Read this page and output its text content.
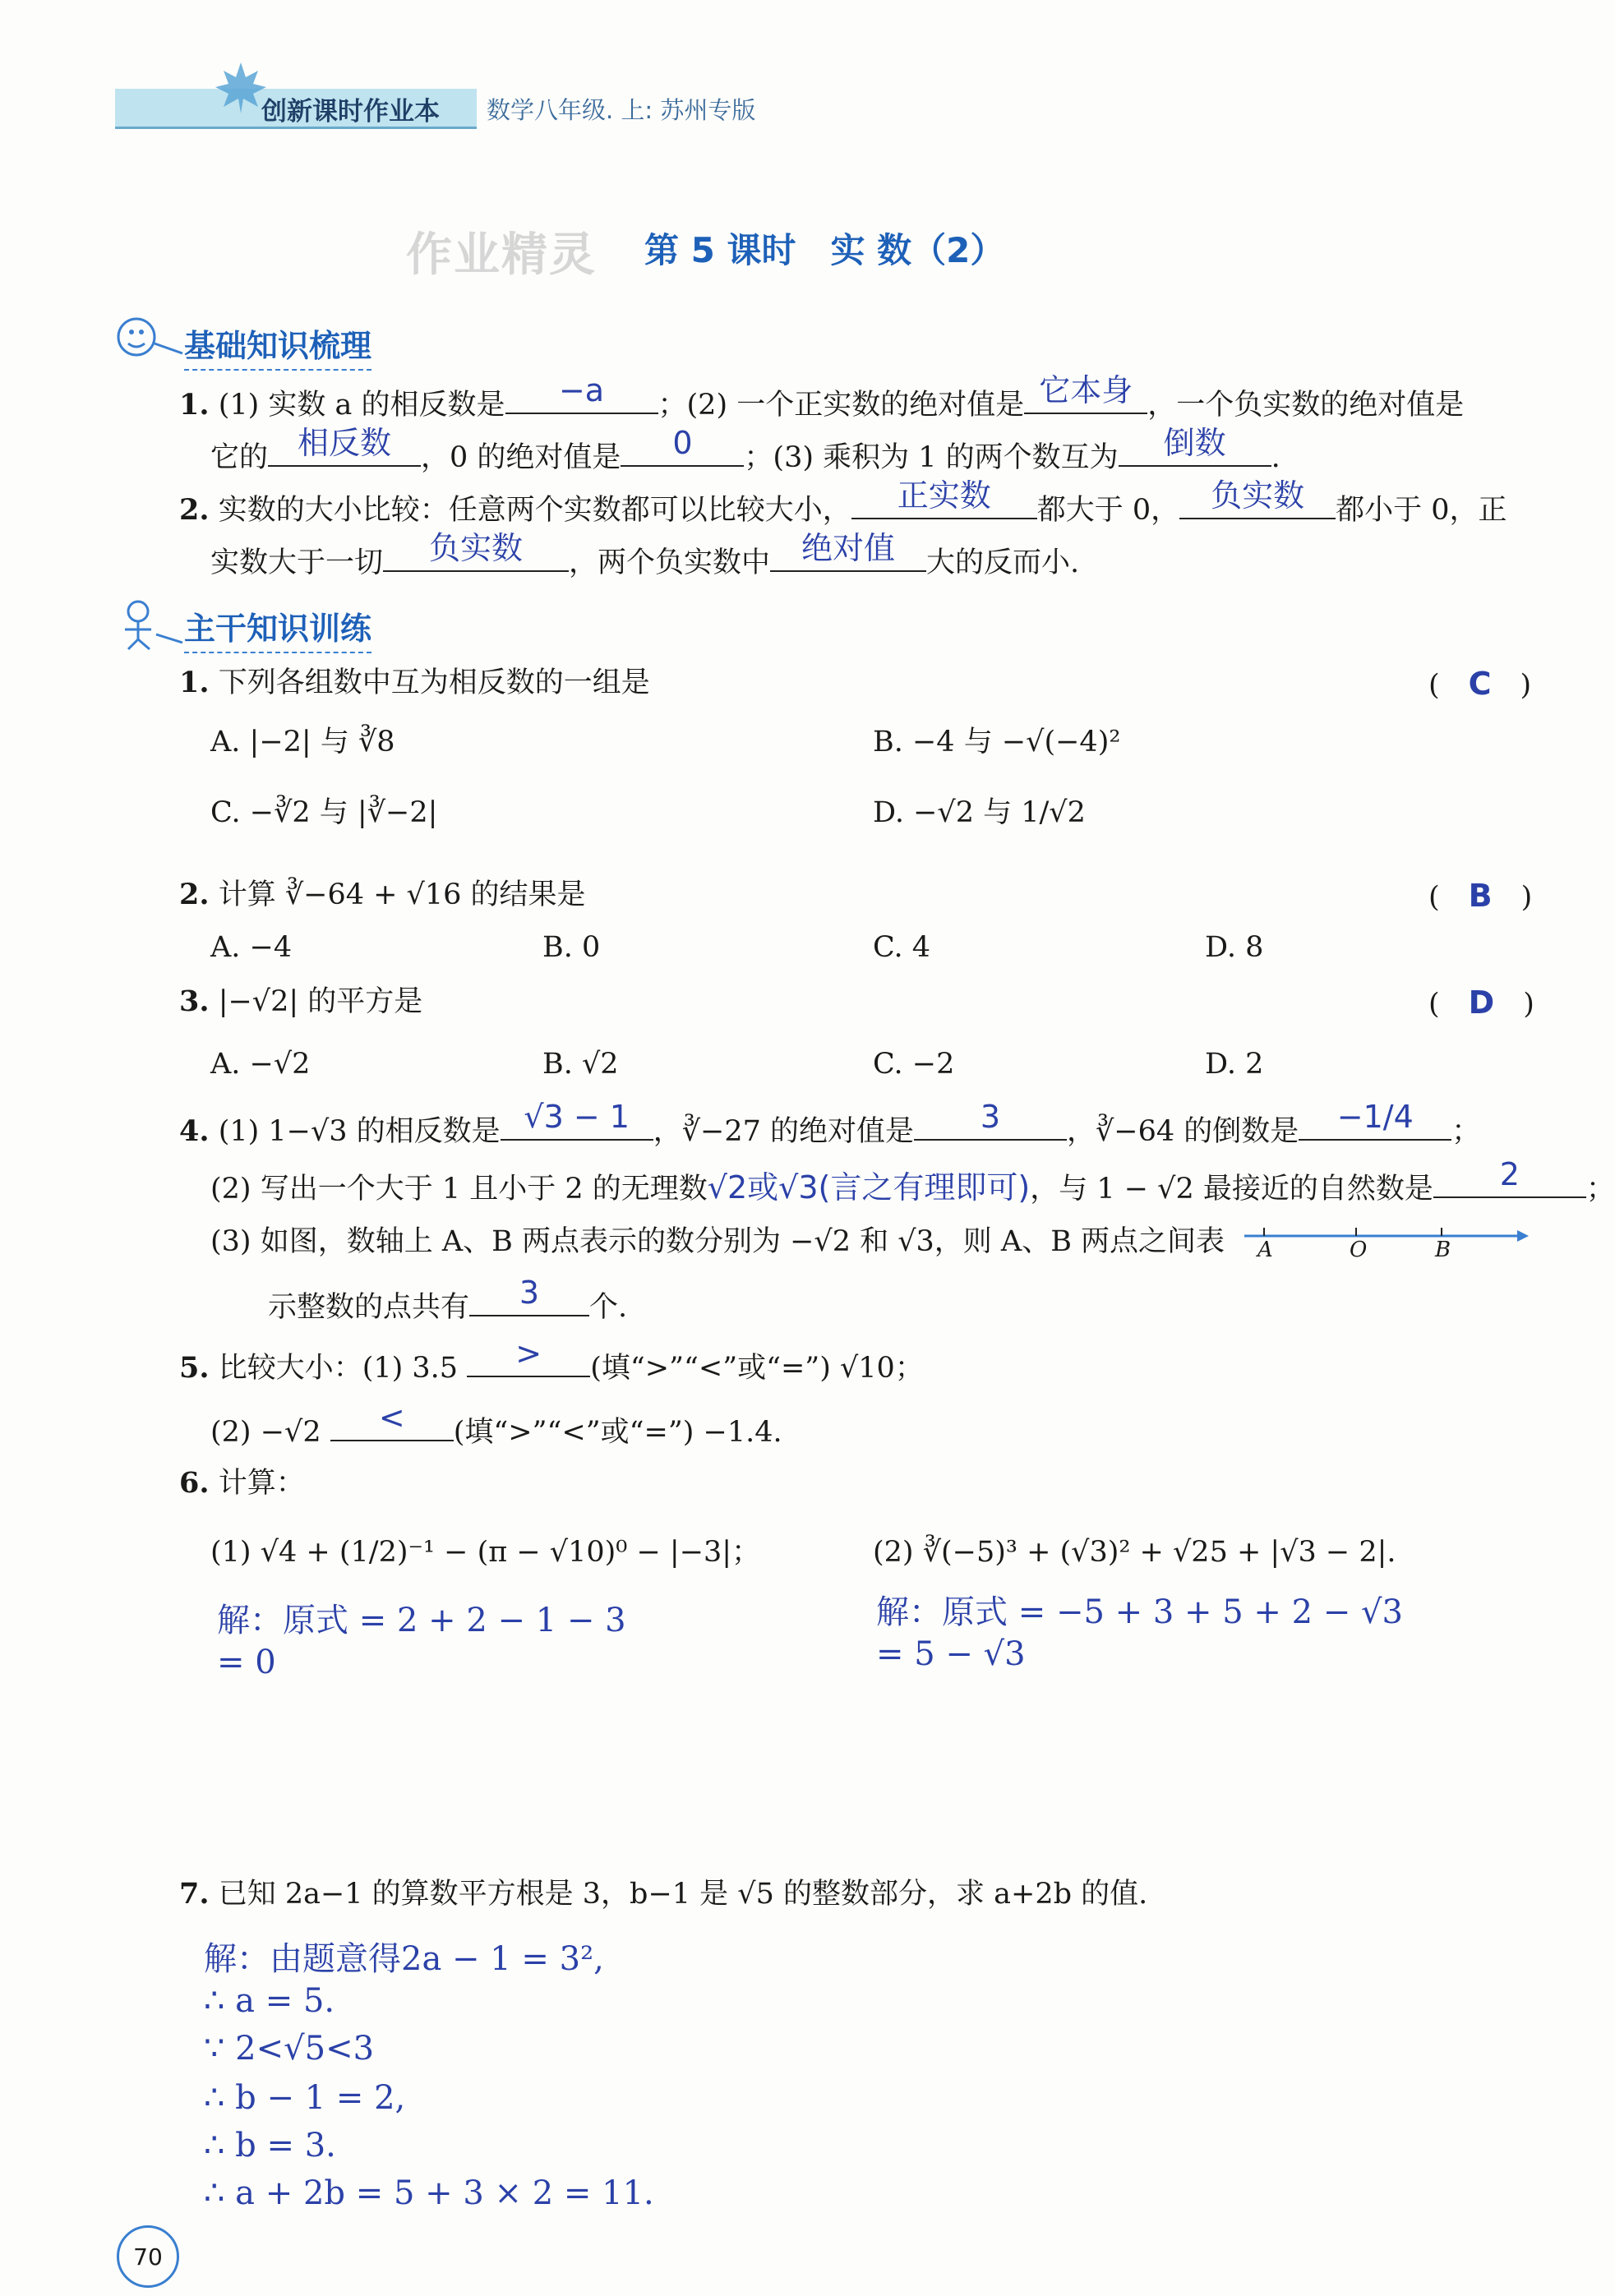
创新课时作业本 数学八年级. 上: 苏州专版
作业精灵 第 5 课时　实 数（2）
基础知识梳理
1. (1) 实数 a 的相反数是	−a	；(2) 一个正实数的绝对值是 它本身 ，一个负实数的绝对值是
它的 相反数	，0 的绝对值是	0	；(3) 乘积为 1 的两个数互为	倒数	.
2. 实数的大小比较：任意两个实数都可以比较大小，	正实数	都大于 0， 负实数	都小于 0，正
实数大于一切	负实数	，两个负实数中 绝对值	大的反而小.
主干知识训练
1. 下列各组数中互为相反数的一组是	(　C　)
A. |−2| 与 ∛8	B. −4 与 −√(−4)²
C. −∛2 与 |∛−2|	D. −√2 与 1/√2
2. 计算 ∛−64 + √16 的结果是	(　B　)
A. −4	B. 0	C. 4	D. 8
3. |−√2| 的平方是	(　D　)
A. −√2	B. √2	C. −2	D. 2
4. (1) 1−√3 的相反数是 √3 − 1 ，∛−27 的绝对值是	3	，∛−64 的倒数是	−1/4	；
(2) 写出一个大于 1 且小于 2 的无理数√2或√3(言之有理即可)，与 1 − √2 最接近的自然数是	2	；
(3) 如图，数轴上 A、B 两点表示的数分别为 −√2 和 √3，则 A、B 两点之间表 A	O	B
示整数的点共有	3	个.
5. 比较大小：(1) 3.5	>	(填“>”“<”或“=”) √10；
(2) −√2	<	(填“>”“<”或“=”) −1.4.
6. 计算：
(1) √4 + (1/2)⁻¹ − (π − √10)⁰ − |−3|；	(2) ∛(−5)³ + (√3)² + √25 + |√3 − 2|.
解：原式 = 2 + 2 − 1 − 3
= 0
解：原式 = −5 + 3 + 5 + 2 − √3
= 5 − √3
7. 已知 2a−1 的算数平方根是 3，b−1 是 √5 的整数部分，求 a+2b 的值.
解：由题意得2a − 1 = 3²,
∴ a = 5.
∵ 2<√5<3
∴ b − 1 = 2,
∴ b = 3.
∴ a + 2b = 5 + 3 × 2 = 11.
70
